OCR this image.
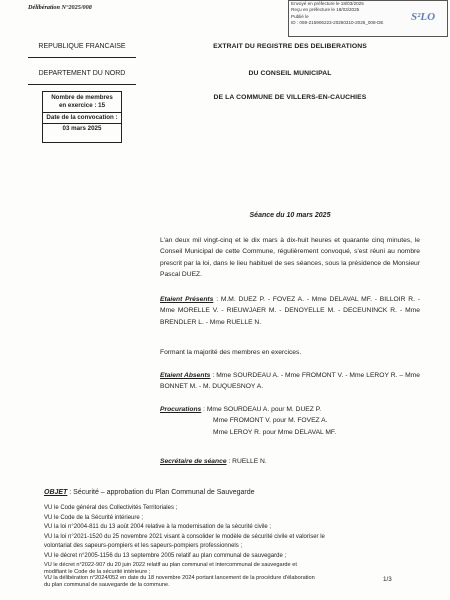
Délibération N°2025/008
Envoyé en préfecture le 18/03/2025
Reçu en préfecture le 18/03/2025
Publié le
ID : 059-215906223-20250310-2025_008-DE	S²LO
REPUBLIQUE FRANCAISE
DEPARTEMENT DU NORD
Nombre de membres
en exercice : 15
Date de la convocation :
03 mars 2025
EXTRAIT DU REGISTRE DES DELIBERATIONS
DU CONSEIL MUNICIPAL
DE LA COMMUNE DE VILLERS-EN-CAUCHIES
Séance du 10 mars 2025
L'an deux mil vingt-cinq et le dix mars à dix-huit heures et quarante cinq minutes, le Conseil Municipal de cette Commune, régulièrement convoqué, s'est réuni au nombre prescrit par la loi, dans le lieu habituel de ses séances, sous la présidence de Monsieur Pascal DUEZ.
Etaient Présents : M.M. DUEZ P. - FOVEZ A. - Mme DELAVAL MF. - BILLOIR R. - Mme MORELLE V. - RIEUWJAER M. - DENOYELLE M. - DECEUNINCK R. - Mme BRENDLER L. - Mme RUELLE N.
Formant la majorité des membres en exercices.
Etaient Absents : Mme SOURDEAU A. - Mme FROMONT V. - Mme LEROY R. – Mme BONNET M. - M. DUQUESNOY A.
Procurations : Mme SOURDEAU A. pour M. DUEZ P.
Mme FROMONT V. pour M. FOVEZ A.
Mme LEROY R. pour Mme DELAVAL MF.
Secrétaire de séance : RUELLE N.
OBJET : Sécurité – approbation du Plan Communal de Sauvegarde
VU le Code général des Collectivités Territoriales ;
VU le Code de la Sécurité intérieure ;
VU la loi n°2004-811 du 13 août 2004 relative à la modernisation de la sécurité civile ;
VU la loi n°2021-1520 du 25 novembre 2021 visant à consolider le modèle de sécurité civile et valoriser le
volontariat des sapeurs-pompiers et les sapeurs-pompiers professionnels ;
VU le décret n°2005-1156 du 13 septembre 2005 relatif au plan communal de sauvegarde ;
VU le décret n°2022-907 du 20 juin 2022 relatif au plan communal et intercommunal de sauvegarde et
modifiant le Code de la sécurité intérieure ;
VU la délibération n°2024/052 en date du 18 novembre 2024 portant lancement de la procédure d'élaboration
du plan communal de sauvegarde de la commune.
1/3
